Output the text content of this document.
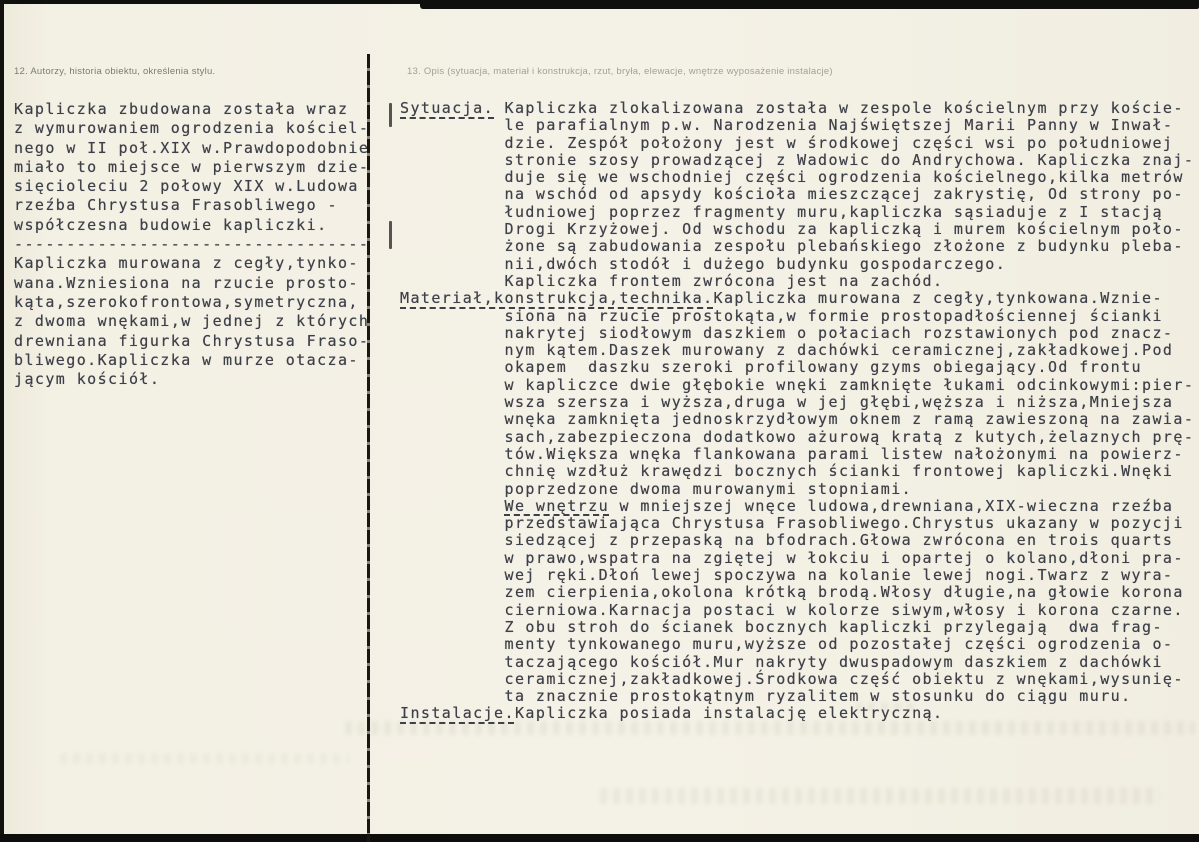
12. Autorzy, historia obiektu, określenia stylu.	13. Opis (sytuacja, materiał i konstrukcja, rzut, bryła, elewacje, wnętrze wyposażenie instalacje)
Kapliczka zbudowana została wraz
z wymurowaniem ogrodzenia kościel-
nego w II poł.XIX w.Prawdopodobnie
miało to miejsce w pierwszym dzie-
sięcioleciu 2 połowy XIX w.Ludowa
rzeźba Chrystusa Frasobliwego -
współczesna budowie kapliczki.
----------------------------------
Kapliczka murowana z cegły,tynko-
wana.Wzniesiona na rzucie prosto-
kąta,szerokofrontowa,symetryczna,
z dwoma wnękami,w jednej z których
drewniana figurka Chrystusa Fraso-
bliwego.Kapliczka w murze otacza-
jącym kościół.
Sytuacja. Kapliczka zlokalizowana została w zespole kościelnym przy koście-
le parafialnym p.w. Narodzenia Najświętszej Marii Panny w Inwał-
dzie. Zespół położony jest w środkowej części wsi po południowej
stronie szosy prowadzącej z Wadowic do Andrychowa. Kapliczka znaj-
duje się we wschodniej części ogrodzenia kościelnego,kilka metrów
na wschód od apsydy kościoła mieszczącej zakrystię, Od strony po-
łudniowej poprzez fragmenty muru,kapliczka sąsiaduje z I stacją
Drogi Krzyżowej. Od wschodu za kapliczką i murem kościelnym poło-
żone są zabudowania zespołu plebańskiego złożone z budynku pleba-
nii,dwóch stodół i dużego budynku gospodarczego.
Kapliczka frontem zwrócona jest na zachód.
Materiał,konstrukcja,technika.Kapliczka murowana z cegły,tynkowana.Wznie-
siona na rzucie prostokąta,w formie prostopadłościennej ścianki
nakrytej siodłowym daszkiem o połaciach rozstawionych pod znacz-
nym kątem.Daszek murowany z dachówki ceramicznej,zakładkowej.Pod
okapem  daszku szeroki profilowany gzyms obiegający.Od frontu
w kapliczce dwie głębokie wnęki zamknięte łukami odcinkowymi:pier-
wsza szersza i wyższa,druga w jej głębi,węższa i niższa,Mniejsza
wnęka zamknięta jednoskrzydłowym oknem z ramą zawieszoną na zawia-
sach,zabezpieczona dodatkowo ażurową kratą z kutych,żelaznych prę-
tów.Większa wnęka flankowana parami listew nałożonymi na powierz-
chnię wzdłuż krawędzi bocznych ścianki frontowej kapliczki.Wnęki
poprzedzone dwoma murowanymi stopniami.
We wnętrzu w mniejszej wnęce ludowa,drewniana,XIX-wieczna rzeźba
przedstawiająca Chrystusa Frasobliwego.Chrystus ukazany w pozycji
siedzącej z przepaską na bfodrach.Głowa zwrócona en trois quarts
w prawo,wspatra na zgiętej w łokciu i opartej o kolano,dłoni pra-
wej ręki.Dłoń lewej spoczywa na kolanie lewej nogi.Twarz z wyra-
zem cierpienia,okolona krótką brodą.Włosy długie,na głowie korona
cierniowa.Karnacja postaci w kolorze siwym,włosy i korona czarne.
Z obu stroh do ścianek bocznych kapliczki przylegają  dwa frag-
menty tynkowanego muru,wyższe od pozostałej części ogrodzenia o-
taczającego kościół.Mur nakryty dwuspadowym daszkiem z dachówki
ceramicznej,zakładkowej.Środkowa część obiektu z wnękami,wysunię-
ta znacznie prostokątnym ryzalitem w stosunku do ciągu muru.
Instalacje.Kapliczka posiada instalację elektryczną.
